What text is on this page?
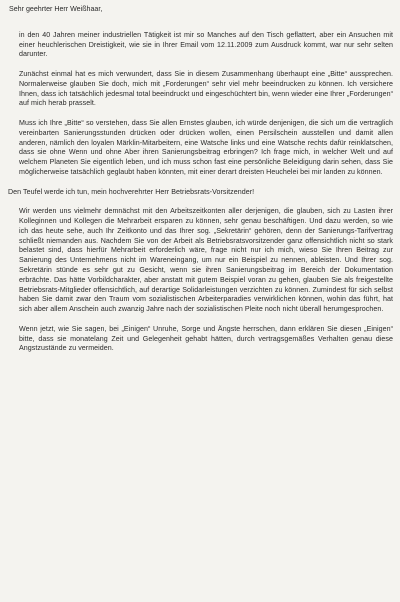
Sehr geehrter Herr Weißhaar,

in den 40 Jahren meiner industriellen Tätigkeit ist mir so Manches auf den Tisch geflattert, aber ein Ansuchen mit einer heuchlerischen Dreistigkeit, wie sie in Ihrer Email vom 12.11.2009 zum Ausdruck kommt, war nur sehr selten darunter.

Zunächst einmal hat es mich verwundert, dass Sie in diesem Zusammenhang überhaupt eine „Bitte“ aussprechen. Normalerweise glauben Sie doch, mich mit „Forderungen“ sehr viel mehr beeindrucken zu können. Ich versichere Ihnen, dass ich tatsächlich jedesmal total beeindruckt und eingeschüchtert bin, wenn wieder eine Ihrer „Forderungen“ auf mich herab prasselt.

Muss ich Ihre „Bitte“ so verstehen, dass Sie allen Ernstes glauben, ich würde denjenigen, die sich um die vertraglich vereinbarten Sanierungsstunden drücken oder drücken wollen, einen Persilschein ausstellen und damit allen anderen, nämlich den loyalen Märklin-Mitarbeitern, eine Watsche links und eine Watsche rechts dafür reinklatschen, dass sie ohne Wenn und ohne Aber ihren Sanierungsbeitrag erbringen? Ich frage mich, in welcher Welt und auf welchem Planeten Sie eigentlich leben, und ich muss schon fast eine persönliche Beleidigung darin sehen, dass Sie möglicherweise tatsächlich geglaubt haben könnten, mit einer derart dreisten Heuchelei bei mir landen zu können.

Den Teufel werde ich tun, mein hochverehrter Herr Betriebsrats-Vorsitzender!

Wir werden uns vielmehr demnächst mit den Arbeitszeitkonten aller derjenigen, die glauben, sich zu Lasten ihrer Kolleginnen und Kollegen die Mehrarbeit ersparen zu können, sehr genau beschäftigen. Und dazu werden, so wie ich das heute sehe, auch Ihr Zeitkonto und das Ihrer sog. „Sekretärin“ gehören, denn der Sanierungs-Tarifvertrag schließt niemanden aus. Nachdem Sie von der Arbeit als Betriebsratsvorsitzender ganz offensichtlich nicht so stark belastet sind, dass hierfür Mehrarbeit erforderlich wäre, frage nicht nur ich mich, wieso Sie Ihren Beitrag zur Sanierung des Unternehmens nicht im Wareneingang, um nur ein Beispiel zu nennen, ableisten. Und Ihrer sog. Sekretärin stünde es sehr gut zu Gesicht, wenn sie ihren Sanierungsbeitrag im Bereich der Dokumentation erbrächte. Das hätte Vorbildcharakter, aber anstatt mit gutem Beispiel voran zu gehen, glauben Sie als freigestellte Betriebsrats-Mitglieder offensichtlich, auf derartige Solidarleistungen verzichten zu können. Zumindest für sich selbst haben Sie damit zwar den Traum vom sozialistischen Arbeiterparadies verwirklichen können, wohin das führt, hat sich aber allem Anschein auch zwanzig Jahre nach der sozialistischen Pleite noch nicht überall herumgesprochen.

Wenn jetzt, wie Sie sagen, bei „Einigen“ Unruhe, Sorge und Ängste herrschen, dann erklären Sie diesen „Einigen“ bitte, dass sie monatelang Zeit und Gelegenheit gehabt hätten, durch vertragsgemäßes Verhalten genau diese Angstzustände zu vermeiden.
